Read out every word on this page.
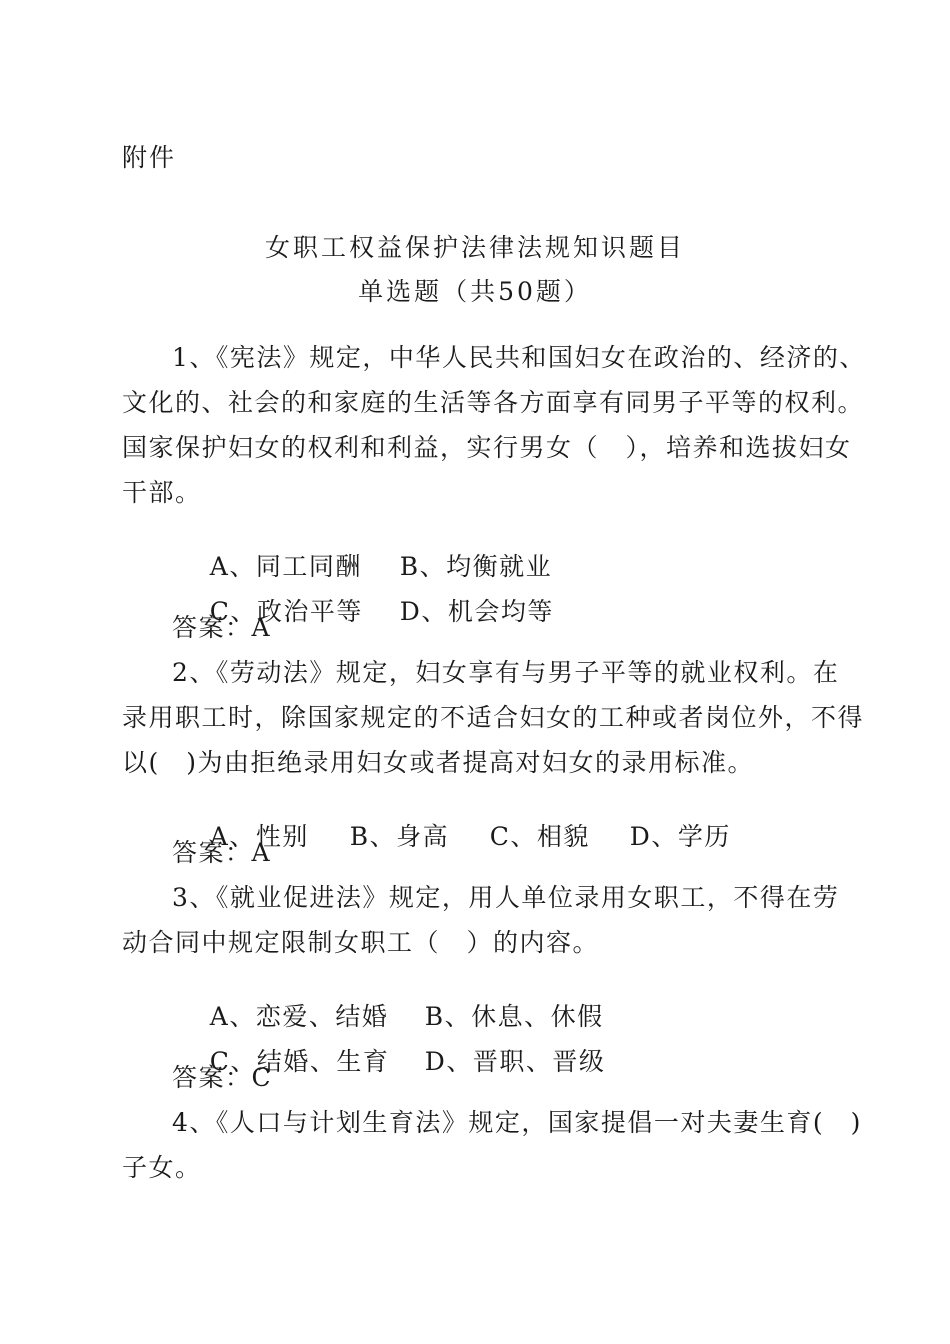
附件
女职工权益保护法律法规知识题目
单选题（共50题）
1、《宪法》规定，中华人民共和国妇女在政治的、经济的、
文化的、社会的和家庭的生活等各方面享有同男子平等的权利。
国家保护妇女的权利和利益，实行男女（　），培养和选拔妇女
干部。

A、同工同酬 B、均衡就业

C、政治平等 D、机会均等

答案：A
2、《劳动法》规定，妇女享有与男子平等的就业权利。在
录用职工时，除国家规定的不适合妇女的工种或者岗位外，不得
以(　)为由拒绝录用妇女或者提高对妇女的录用标准。

A、性别 B、身高 C、相貌 D、学历

答案：A
3、《就业促进法》规定，用人单位录用女职工，不得在劳
动合同中规定限制女职工（　）的内容。

A、恋爱、结婚 B、休息、休假

C、结婚、生育 D、晋职、晋级

答案：C
4、《人口与计划生育法》规定，国家提倡一对夫妻生育(　)
子女。
